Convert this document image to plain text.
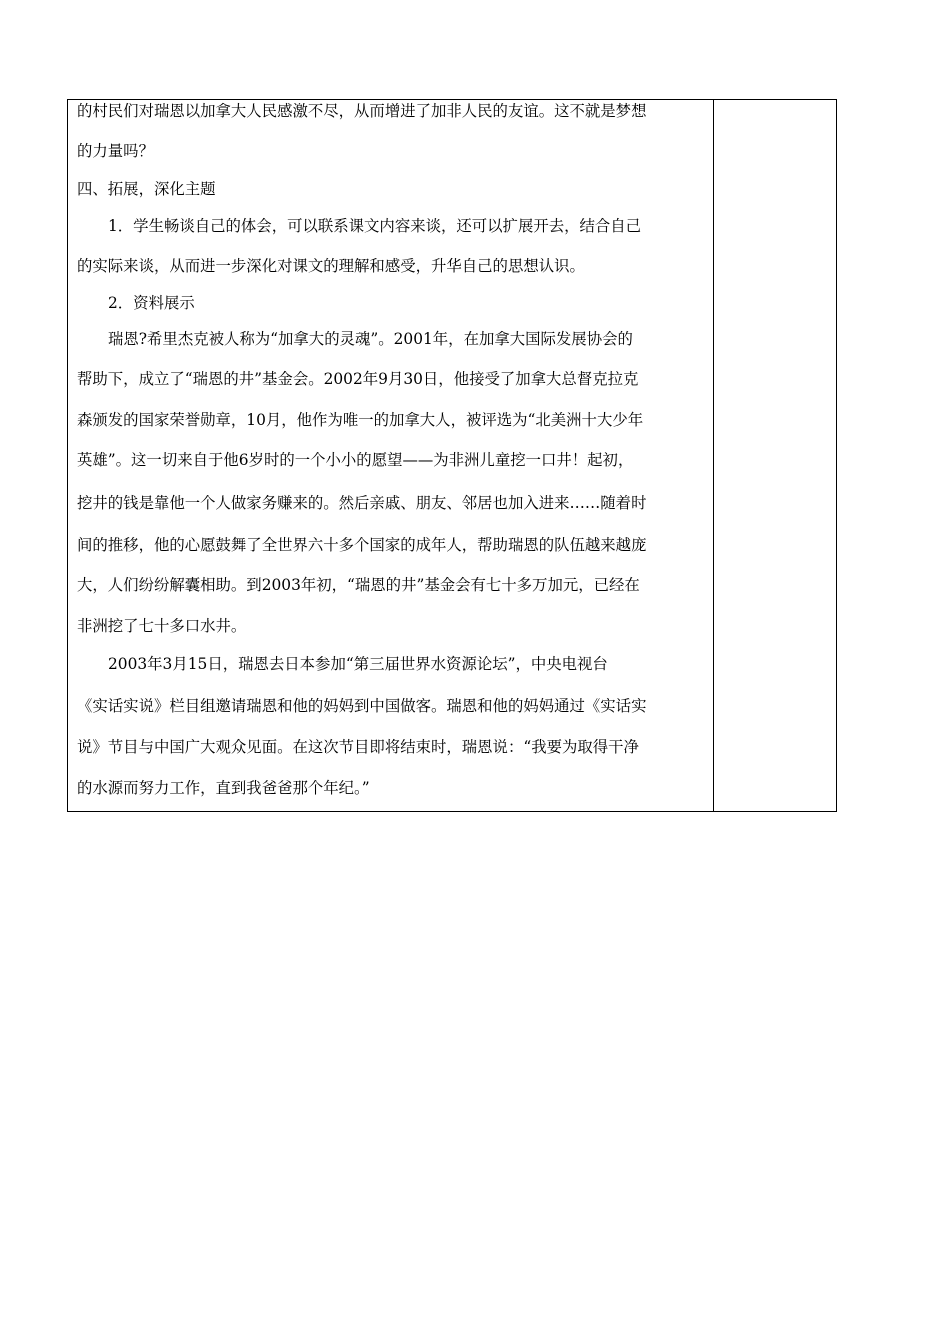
的村民们对瑞恩以加拿大人民感激不尽，从而增进了加非人民的友谊。这不就是梦想
的力量吗？
四、拓展，深化主题
1．学生畅谈自己的体会，可以联系课文内容来谈，还可以扩展开去，结合自己
的实际来谈，从而进一步深化对课文的理解和感受，升华自己的思想认识。
2．资料展示
瑞恩?希里杰克被人称为“加拿大的灵魂”。2001年，在加拿大国际发展协会的
帮助下，成立了“瑞恩的井”基金会。2002年9月30日，他接受了加拿大总督克拉克
森颁发的国家荣誉勋章，10月，他作为唯一的加拿大人，被评选为“北美洲十大少年
英雄”。这一切来自于他6岁时的一个小小的愿望——为非洲儿童挖一口井！起初，
挖井的钱是靠他一个人做家务赚来的。然后亲戚、朋友、邻居也加入进来……随着时
间的推移，他的心愿鼓舞了全世界六十多个国家的成年人，帮助瑞恩的队伍越来越庞
大，人们纷纷解囊相助。到2003年初，“瑞恩的井”基金会有七十多万加元，已经在
非洲挖了七十多口水井。
2003年3月15日，瑞恩去日本参加“第三届世界水资源论坛”，中央电视台
《实话实说》栏目组邀请瑞恩和他的妈妈到中国做客。瑞恩和他的妈妈通过《实话实
说》节目与中国广大观众见面。在这次节目即将结束时，瑞恩说：“我要为取得干净
的水源而努力工作，直到我爸爸那个年纪。”
